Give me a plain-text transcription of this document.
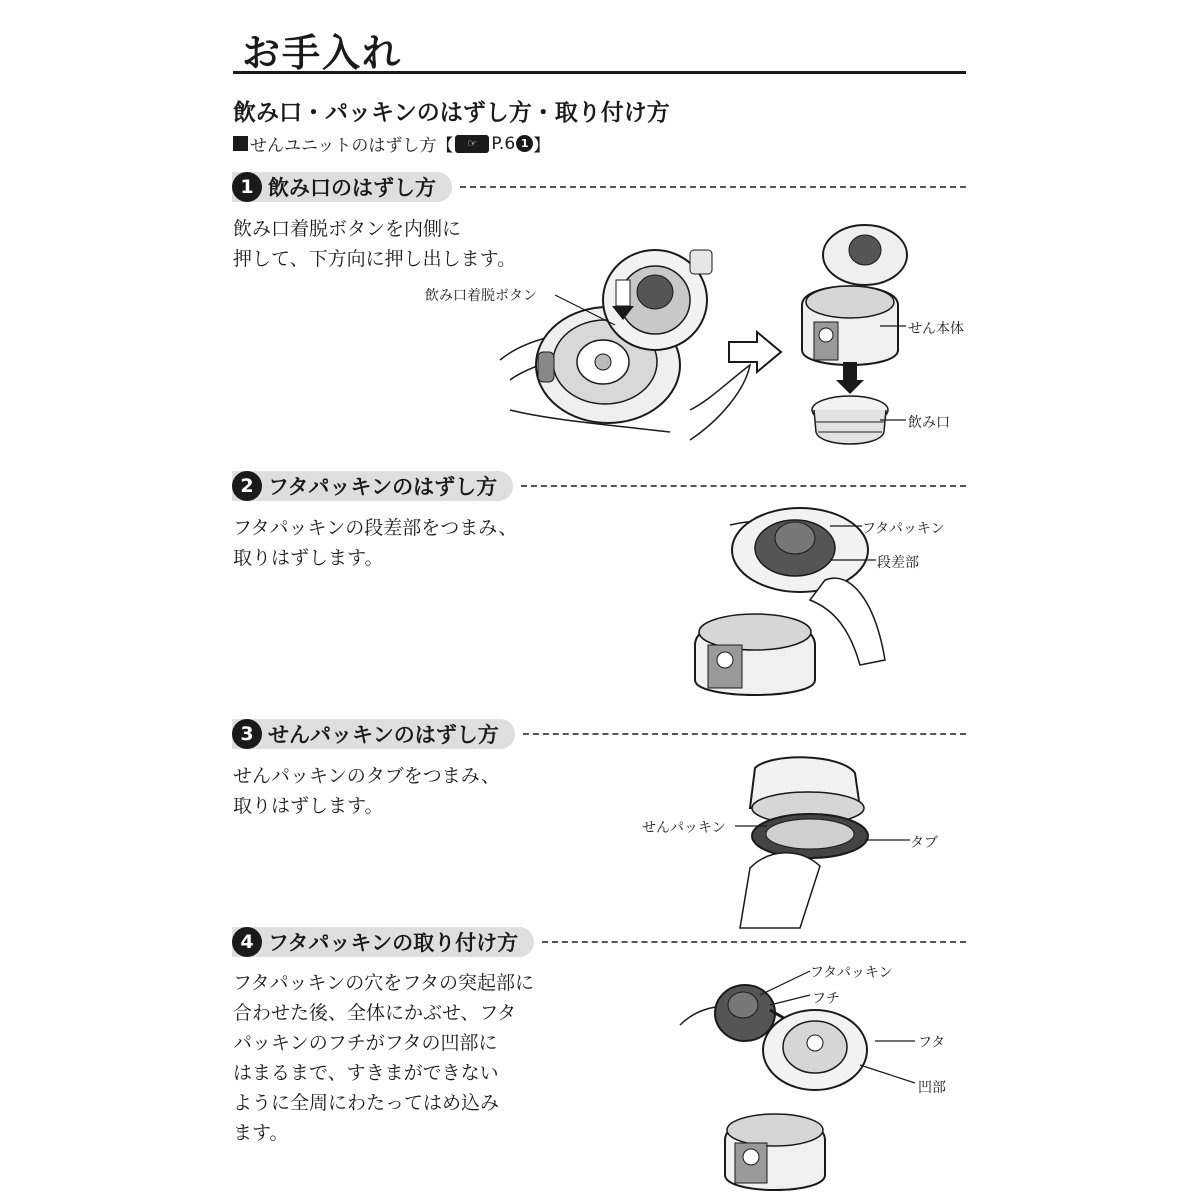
お手入れ
飲み口・パッキンのはずし方・取り付け方
せんユニットのはずし方 【	☞ P.6 1 】
1 飲み口のはずし方
飲み口着脱ボタンを内側に
押して、下方向に押し出します。
飲み口着脱ボタン
せん本体
飲み口
2 フタパッキンのはずし方
フタパッキンの段差部をつまみ、
取りはずします。
フタパッキン
段差部
3 せんパッキンのはずし方
せんパッキンのタブをつまみ、
取りはずします。
せんパッキン
タブ
4 フタパッキンの取り付け方
フタパッキンの穴をフタの突起部に
合わせた後、全体にかぶせ、フタ
パッキンのフチがフタの凹部に
はまるまで、すきまができない
ように全周にわたってはめ込み
ます。
フタパッキン
フチ
フタ
凹部
